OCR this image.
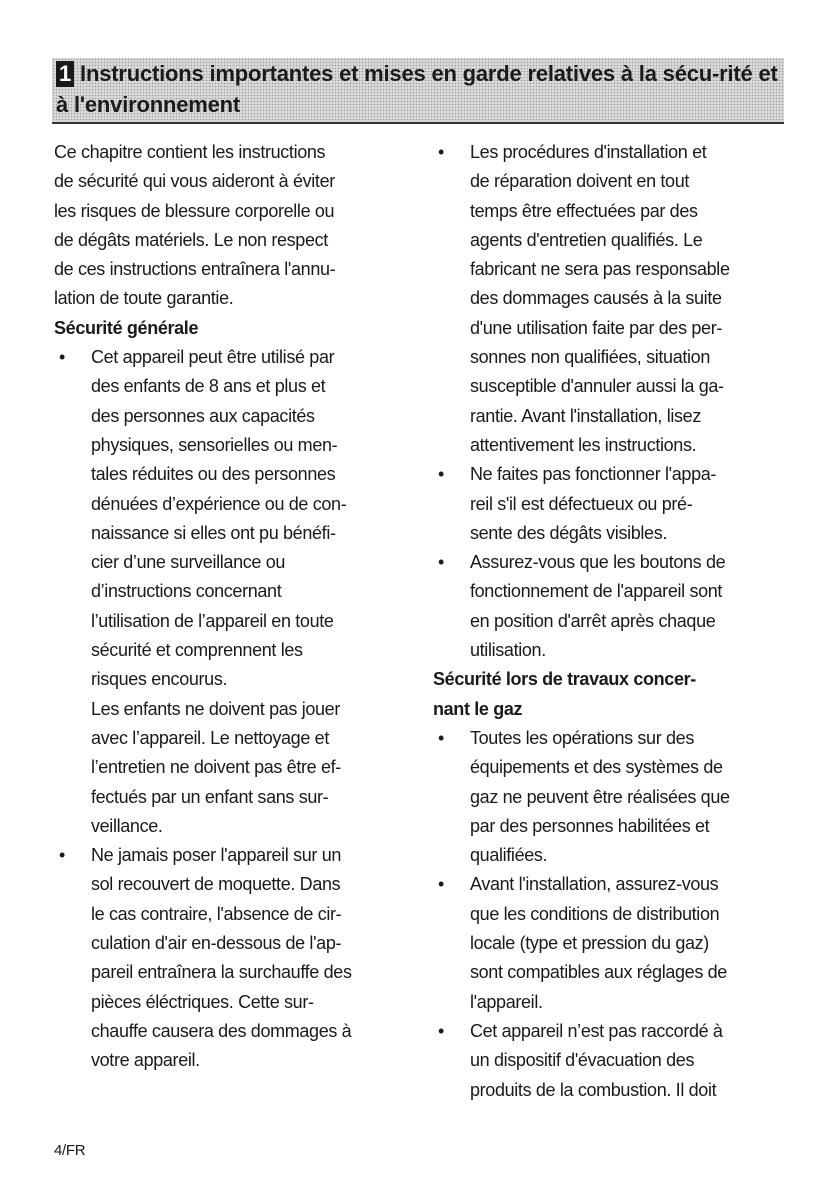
1 Instructions importantes et mises en garde relatives à la sécu-rité et à l'environnement

Ce chapitre contient les instructions
de sécurité qui vous aideront à éviter
les risques de blessure corporelle ou
de dégâts matériels. Le non respect
de ces instructions entraînera l'annu-
lation de toute garantie.

Sécurité générale

• Cet appareil peut être utilisé par
des enfants de 8 ans et plus et
des personnes aux capacités
physiques, sensorielles ou men-
tales réduites ou des personnes
dénuées d’expérience ou de con-
naissance si elles ont pu bénéfi-
cier d’une surveillance ou
d’instructions concernant
l’utilisation de l’appareil en toute
sécurité et comprennent les
risques encourus.
Les enfants ne doivent pas jouer
avec l’appareil. Le nettoyage et
l’entretien ne doivent pas être ef-
fectués par un enfant sans sur-
veillance.
• Ne jamais poser l'appareil sur un
sol recouvert de moquette. Dans
le cas contraire, l'absence de cir-
culation d'air en-dessous de l'ap-
pareil entraînera la surchauffe des
pièces éléctriques. Cette sur-
chauffe causera des dommages à
votre appareil.
• Les procédures d'installation et
de réparation doivent en tout
temps être effectuées par des
agents d'entretien qualifiés. Le
fabricant ne sera pas responsable
des dommages causés à la suite
d'une utilisation faite par des per-
sonnes non qualifiées, situation
susceptible d'annuler aussi la ga-
rantie. Avant l'installation, lisez
attentivement les instructions.
• Ne faites pas fonctionner l'appa-
reil s'il est défectueux ou pré-
sente des dégâts visibles.
• Assurez-vous que les boutons de
fonctionnement de l'appareil sont
en position d'arrêt après chaque
utilisation.

Sécurité lors de travaux concer-
nant le gaz

• Toutes les opérations sur des
équipements et des systèmes de
gaz ne peuvent être réalisées que
par des personnes habilitées et
qualifiées.
• Avant l'installation, assurez-vous
que les conditions de distribution
locale (type et pression du gaz)
sont compatibles aux réglages de
l'appareil.
• Cet appareil n’est pas raccordé à
un dispositif d'évacuation des
produits de la combustion. Il doit
4/FR
